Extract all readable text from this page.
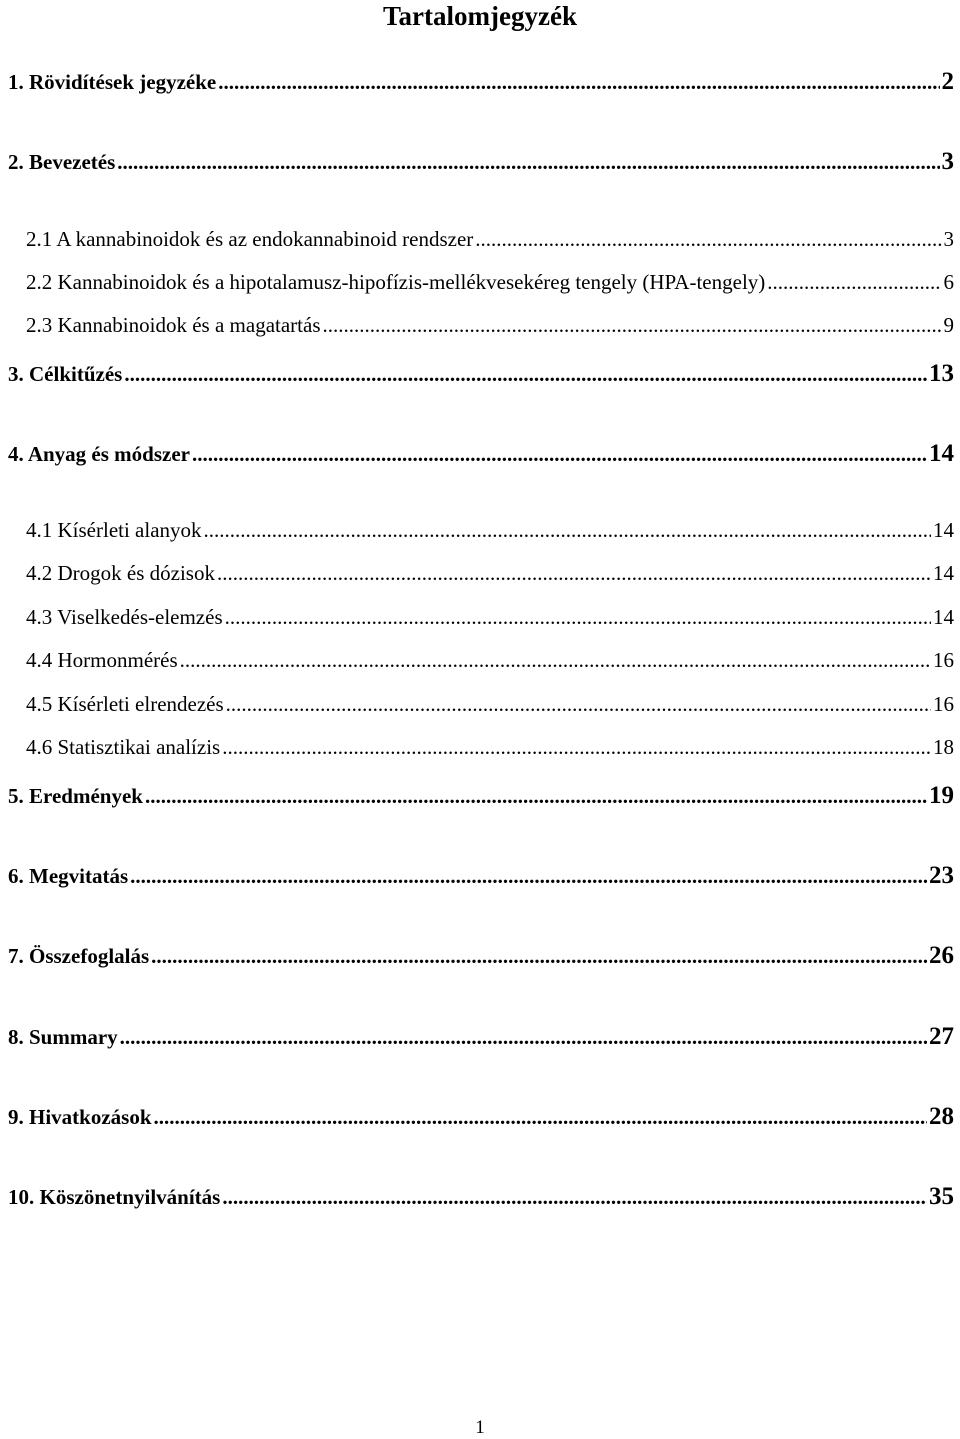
Tartalomjegyzék
1. Rövidítések jegyzéke .....	2
2. Bevezetés .....	3
2.1 A kannabinoidok és az endokannabinoid rendszer .....	3
2.2 Kannabinoidok és a hipotalamusz-hipofízis-mellékvesekéreg tengely (HPA-tengely) .....	6
2.3 Kannabinoidok és a magatartás .....	9
3. Célkitűzés .....	13
4. Anyag és módszer .....	14
4.1 Kísérleti alanyok .....	14
4.2 Drogok és dózisok .....	14
4.3 Viselkedés-elemzés .....	14
4.4 Hormonmérés .....	16
4.5 Kísérleti elrendezés .....	16
4.6 Statisztikai analízis .....	18
5. Eredmények .....	19
6. Megvitatás .....	23
7. Összefoglalás .....	26
8. Summary .....	27
9. Hivatkozások .....	28
10. Köszönetnyilvánítás .....	35
1
